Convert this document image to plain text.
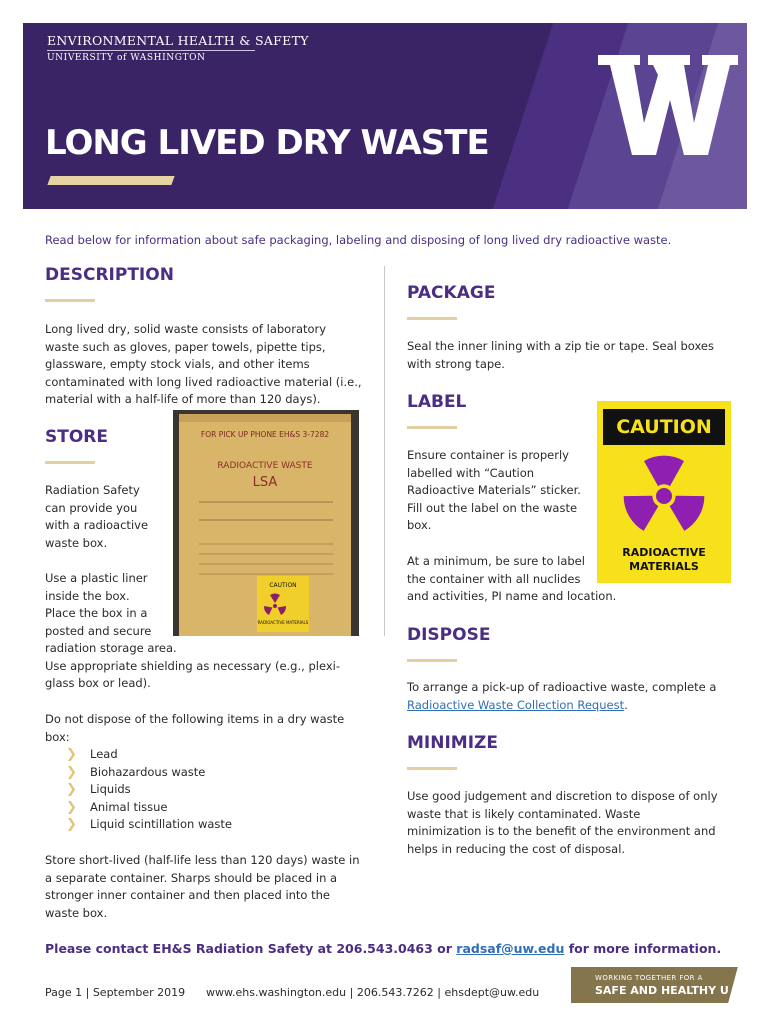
ENVIRONMENTAL HEALTH & SAFETY
UNIVERSITY of WASHINGTON
LONG LIVED DRY WASTE
Read below for information about safe packaging, labeling and disposing of long lived dry radioactive waste.
DESCRIPTION
Long lived dry, solid waste consists of laboratory
waste such as gloves, paper towels, pipette tips,
glassware, empty stock vials, and other items
contaminated with long lived radioactive material (i.e.,
material with a half-life of more than 120 days).
STORE
Radiation Safety
can provide you
with a radioactive
waste box.
Use a plastic liner
inside the box.
Place the box in a
posted and secure
radiation storage area.
Use appropriate shielding as necessary (e.g., plexi-
glass box or lead).
Do not dispose of the following items in a dry waste
box:
❯ Lead
❯ Biohazardous waste
❯ Liquids
❯ Animal tissue
❯ Liquid scintillation waste
Store short-lived (half-life less than 120 days) waste in
a separate container. Sharps should be placed in a
stronger inner container and then placed into the
waste box.
FOR PICK UP PHONE EH&S 3-7282
RADIOACTIVE WASTE
LSA
CAUTION
RADIOACTIVE MATERIALS
PACKAGE
Seal the inner lining with a zip tie or tape. Seal boxes
with strong tape.
LABEL
Ensure container is properly
labelled with “Caution
Radioactive Materials” sticker.
Fill out the label on the waste
box.
At a minimum, be sure to label
the container with all nuclides
and activities, PI name and location.
CAUTION
RADIOACTIVE
MATERIALS
DISPOSE
To arrange a pick-up of radioactive waste, complete a
Radioactive Waste Collection Request.
MINIMIZE
Use good judgement and discretion to dispose of only
waste that is likely contaminated. Waste
minimization is to the benefit of the environment and
helps in reducing the cost of disposal.
Please contact EH&S Radiation Safety at 206.543.0463 or radsaf@uw.edu for more information.
Page 1 | September 2019 www.ehs.washington.edu | 206.543.7262 | ehsdept@uw.edu
WORKING TOGETHER FOR A
SAFE AND HEALTHY U
